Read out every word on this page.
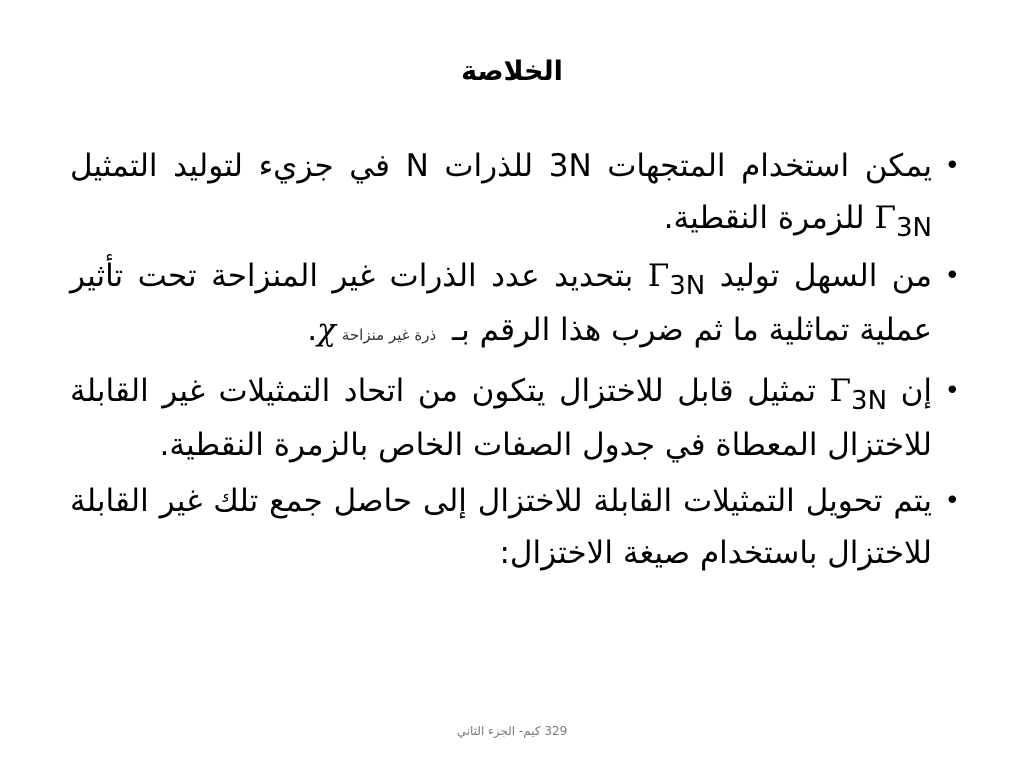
الخلاصة
•
يمكن استخدام المتجهات 3N للذرات N في جزيء لتوليد التمثيل $\Gamma_{3N}$ للزمرة النقطية.
•
من السهل توليد $\Gamma_{3N}$ بتحديد عدد الذرات غير المنزاحة تحت تأثير عملية تماثلية ما ثم ضرب هذا الرقم بـ ذرة غير منزاحةχ.
•
إن $\Gamma_{3N}$ تمثيل قابل للاختزال يتكون من اتحاد التمثيلات غير القابلة للاختزال المعطاة في جدول الصفات الخاص بالزمرة النقطية.
•
يتم تحويل التمثيلات القابلة للاختزال إلى حاصل جمع تلك غير القابلة للاختزال باستخدام صيغة الاختزال:
329 كيم- الجزء الثاني
